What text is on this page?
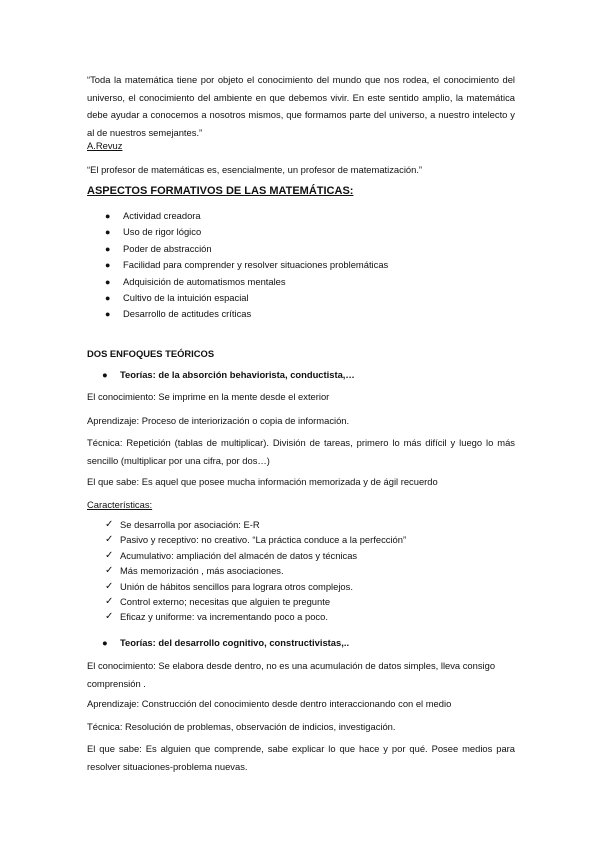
“Toda la matemática tiene por objeto el conocimiento del mundo que nos rodea, el conocimiento del universo, el conocimiento del ambiente en que debemos vivir. En este sentido amplio, la matemática debe ayudar a conocemos a nosotros mismos, que formamos parte del universo, a nuestro intelecto y al de nuestros semejantes.”

A.Revuz

“El profesor de matemáticas es, esencialmente, un profesor de matematización.”

ASPECTOS FORMATIVOS DE LAS MATEMÁTICAS:

● Actividad creadora
● Uso de rigor lógico
● Poder de abstracción
● Facilidad para comprender y resolver situaciones problemáticas
● Adquisición de automatismos mentales
● Cultivo de la intuición espacial
● Desarrollo de actitudes críticas

DOS ENFOQUES TEÓRICOS

● Teorías: de la absorción behaviorista, conductista,…

El conocimiento: Se imprime en la mente desde el exterior

Aprendizaje: Proceso de interiorización o copia de información.

Técnica: Repetición (tablas de multiplicar). División de tareas, primero lo más difícil y luego lo más sencillo (multiplicar por una cifra, por dos…)

El que sabe: Es aquel que posee mucha información memorizada y de ágil recuerdo

Características:

✓ Se desarrolla por asociación: E-R
✓ Pasivo y receptivo: no creativo. “La práctica conduce a la perfección”
✓ Acumulativo: ampliación del almacén de datos y técnicas
✓ Más memorización , más asociaciones.
✓ Unión de hábitos sencillos para lograra otros complejos.
✓ Control externo; necesitas que alguien te pregunte
✓ Eficaz y uniforme: va incrementando poco a poco.
● Teorías: del desarrollo cognitivo, constructivistas,..

El conocimiento: Se elabora desde dentro, no es una acumulación de datos simples, lleva consigo comprensión .

Aprendizaje: Construcción del conocimiento desde dentro interaccionando con el medio

Técnica: Resolución de problemas, observación de indicios, investigación.

El que sabe: Es alguien que comprende, sabe explicar lo que hace y por qué. Posee medios para resolver situaciones-problema nuevas.
